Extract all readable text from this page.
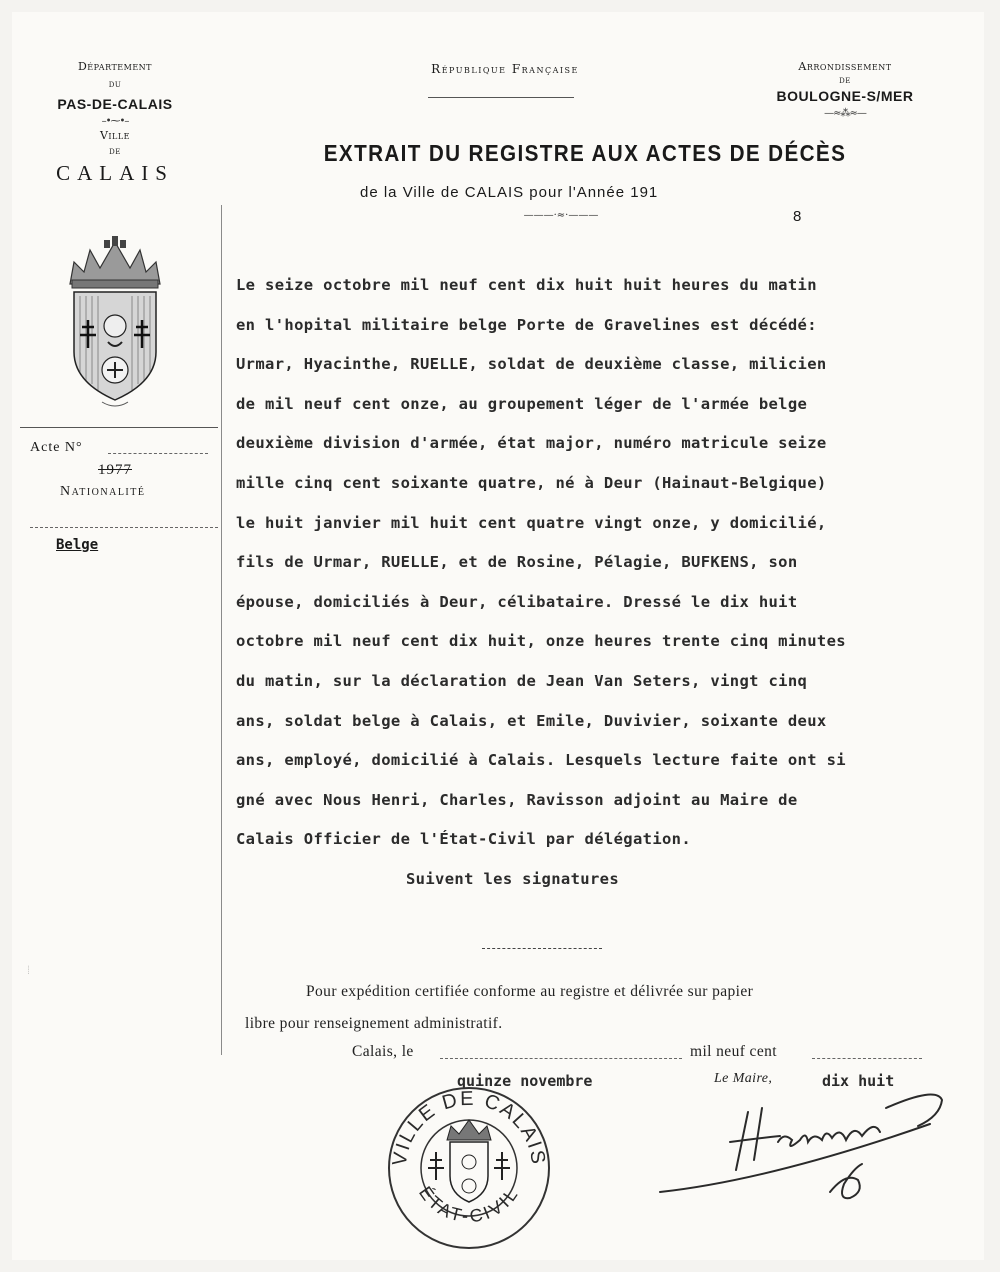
Département
du
PAS-DE-CALAIS
–•⁓•–
Ville
de
CALAIS
Acte N°
1977
Nationalité
Belge
République Française	Arrondissement
de
BOULOGNE-S/MER
—≈⁂≈—
EXTRAIT DU REGISTRE AUX ACTES DE DÉCÈS
de la Ville de CALAIS pour l'Année 191
8
———·≈·———
Le seize octobre mil neuf cent dix huit huit heures du matin
en l'hopital militaire belge Porte de Gravelines est décédé:
Urmar, Hyacinthe, RUELLE, soldat de deuxième classe, milicien
de mil neuf cent onze, au groupement léger de l'armée belge
deuxième division d'armée, état major, numéro matricule seize
mille cinq cent soixante quatre, né à Deur (Hainaut-Belgique)
le huit janvier mil huit cent quatre vingt onze, y domicilié,
fils de Urmar, RUELLE, et de Rosine, Pélagie, BUFKENS, son
épouse, domiciliés à Deur, célibataire. Dressé le dix huit
octobre mil neuf cent dix huit, onze heures trente cinq minutes
du matin, sur la déclaration de Jean Van Seters, vingt cinq
ans, soldat belge à Calais, et Emile, Duvivier, soixante deux
ans, employé, domicilié à Calais. Lesquels lecture faite ont si
gné avec Nous Henri, Charles, Ravisson adjoint au Maire de
Calais Officier de l'État-Civil par délégation.
Suivent les signatures
Pour expédition certifiée conforme au registre et délivrée sur papier
libre pour renseignement administratif.
Calais, le	mil neuf cent
quinze novembre	Le Maire,	dix huit
VILLE DE CALAIS
ÉTAT-CIVIL
·····
